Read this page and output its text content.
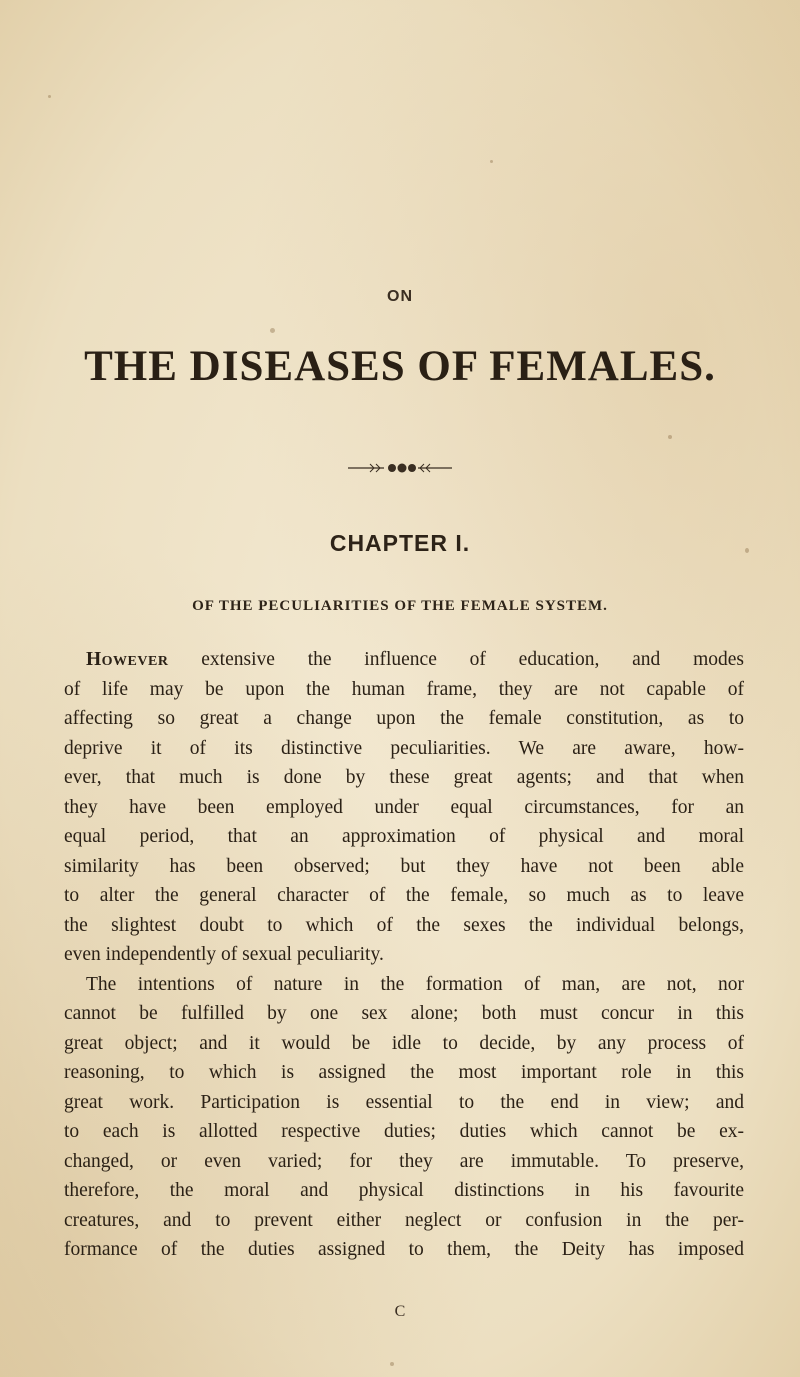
ON
THE DISEASES OF FEMALES.
CHAPTER I.
OF THE PECULIARITIES OF THE FEMALE SYSTEM.
However extensive the influence of education, and modes
of life may be upon the human frame, they are not capable of
affecting so great a change upon the female constitution, as to
deprive it of its distinctive peculiarities. We are aware, how-
ever, that much is done by these great agents; and that when
they have been employed under equal circumstances, for an
equal period, that an approximation of physical and moral
similarity has been observed; but they have not been able
to alter the general character of the female, so much as to leave
the slightest doubt to which of the sexes the individual belongs,
even independently of sexual peculiarity.
The intentions of nature in the formation of man, are not, nor
cannot be fulfilled by one sex alone; both must concur in this
great object; and it would be idle to decide, by any process of
reasoning, to which is assigned the most important role in this
great work. Participation is essential to the end in view; and
to each is allotted respective duties; duties which cannot be ex-
changed, or even varied; for they are immutable. To preserve,
therefore, the moral and physical distinctions in his favourite
creatures, and to prevent either neglect or confusion in the per-
formance of the duties assigned to them, the Deity has imposed
C
